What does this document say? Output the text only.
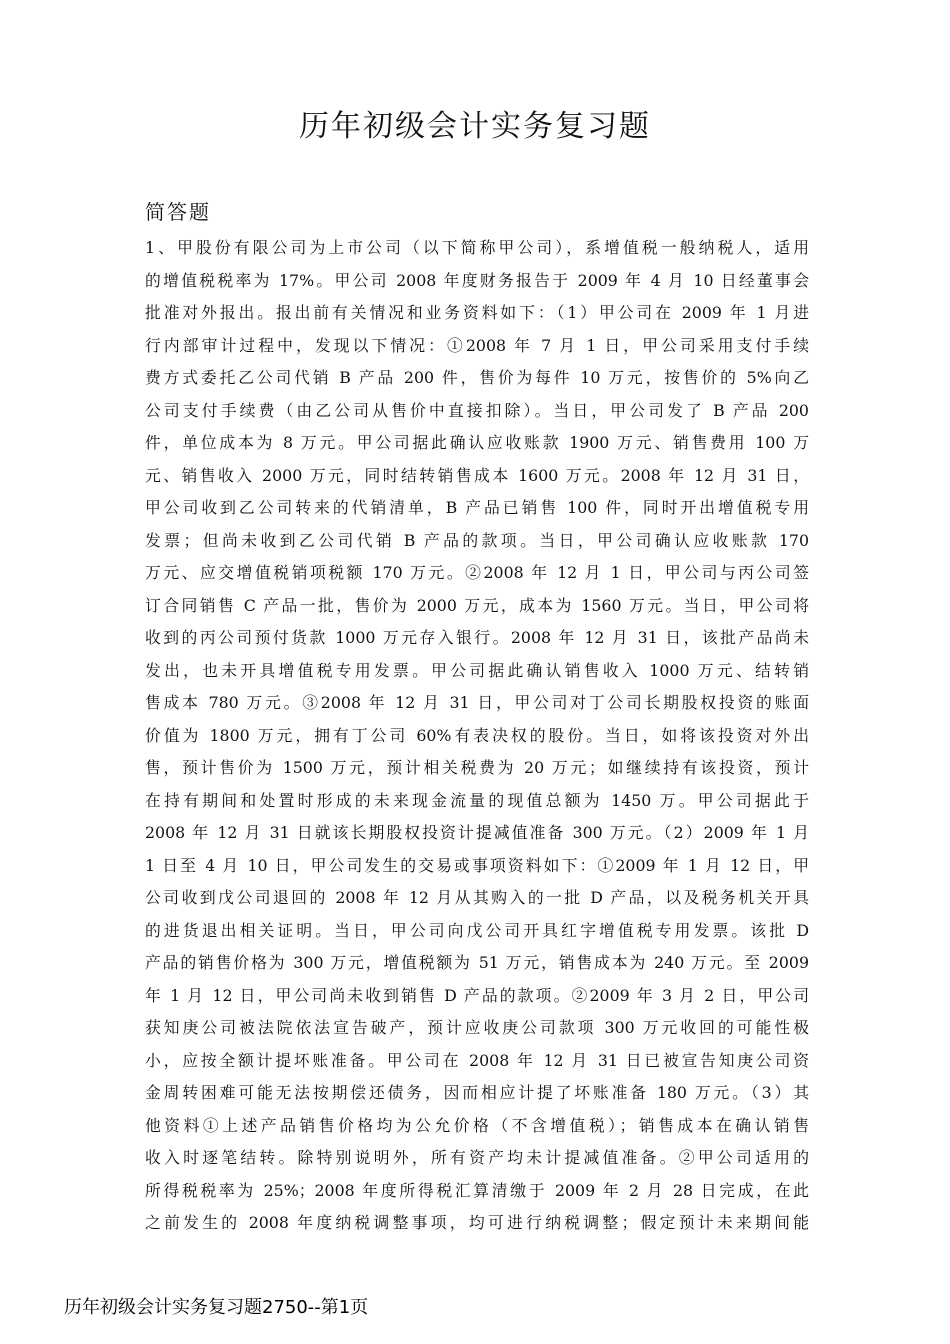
历年初级会计实务复习题
简答题
1、甲股份有限公司为上市公司（以下简称甲公司），系增值税一般纳税人，适用
的增值税税率为 17%。甲公司 2008 年度财务报告于 2009 年 4 月 10 日经董事会
批准对外报出。报出前有关情况和业务资料如下：（1）甲公司在 2009 年 1 月进
行内部审计过程中，发现以下情况：①2008 年 7 月 1 日，甲公司采用支付手续
费方式委托乙公司代销 B 产品 200 件，售价为每件 10 万元，按售价的 5%向乙
公司支付手续费（由乙公司从售价中直接扣除）。当日，甲公司发了 B 产品 200
件，单位成本为 8 万元。甲公司据此确认应收账款 1900 万元、销售费用 100 万
元、销售收入 2000 万元，同时结转销售成本 1600 万元。2008 年 12 月 31 日，
甲公司收到乙公司转来的代销清单，B 产品已销售 100 件，同时开出增值税专用
发票；但尚未收到乙公司代销 B 产品的款项。当日，甲公司确认应收账款 170
万元、应交增值税销项税额 170 万元。②2008 年 12 月 1 日，甲公司与丙公司签
订合同销售 C 产品一批，售价为 2000 万元，成本为 1560 万元。当日，甲公司将
收到的丙公司预付货款 1000 万元存入银行。2008 年 12 月 31 日，该批产品尚未
发出，也未开具增值税专用发票。甲公司据此确认销售收入 1000 万元、结转销
售成本 780 万元。③2008 年 12 月 31 日，甲公司对丁公司长期股权投资的账面
价值为 1800 万元，拥有丁公司 60%有表决权的股份。当日，如将该投资对外出
售，预计售价为 1500 万元，预计相关税费为 20 万元；如继续持有该投资，预计
在持有期间和处置时形成的未来现金流量的现值总额为 1450 万。甲公司据此于
2008 年 12 月 31 日就该长期股权投资计提减值准备 300 万元。（2）2009 年 1 月
1 日至 4 月 10 日，甲公司发生的交易或事项资料如下：①2009 年 1 月 12 日，甲
公司收到戊公司退回的 2008 年 12 月从其购入的一批 D 产品，以及税务机关开具
的进货退出相关证明。当日，甲公司向戊公司开具红字增值税专用发票。该批 D
产品的销售价格为 300 万元，增值税额为 51 万元，销售成本为 240 万元。至 2009
年 1 月 12 日，甲公司尚未收到销售 D 产品的款项。②2009 年 3 月 2 日，甲公司
获知庚公司被法院依法宣告破产，预计应收庚公司款项 300 万元收回的可能性极
小，应按全额计提坏账准备。甲公司在 2008 年 12 月 31 日已被宣告知庚公司资
金周转困难可能无法按期偿还债务，因而相应计提了坏账准备 180 万元。（3）其
他资料①上述产品销售价格均为公允价格（不含增值税）；销售成本在确认销售
收入时逐笔结转。除特别说明外，所有资产均未计提减值准备。②甲公司适用的
所得税税率为 25%；2008 年度所得税汇算清缴于 2009 年 2 月 28 日完成，在此
之前发生的 2008 年度纳税调整事项，均可进行纳税调整；假定预计未来期间能
历年初级会计实务复习题2750--第1页
